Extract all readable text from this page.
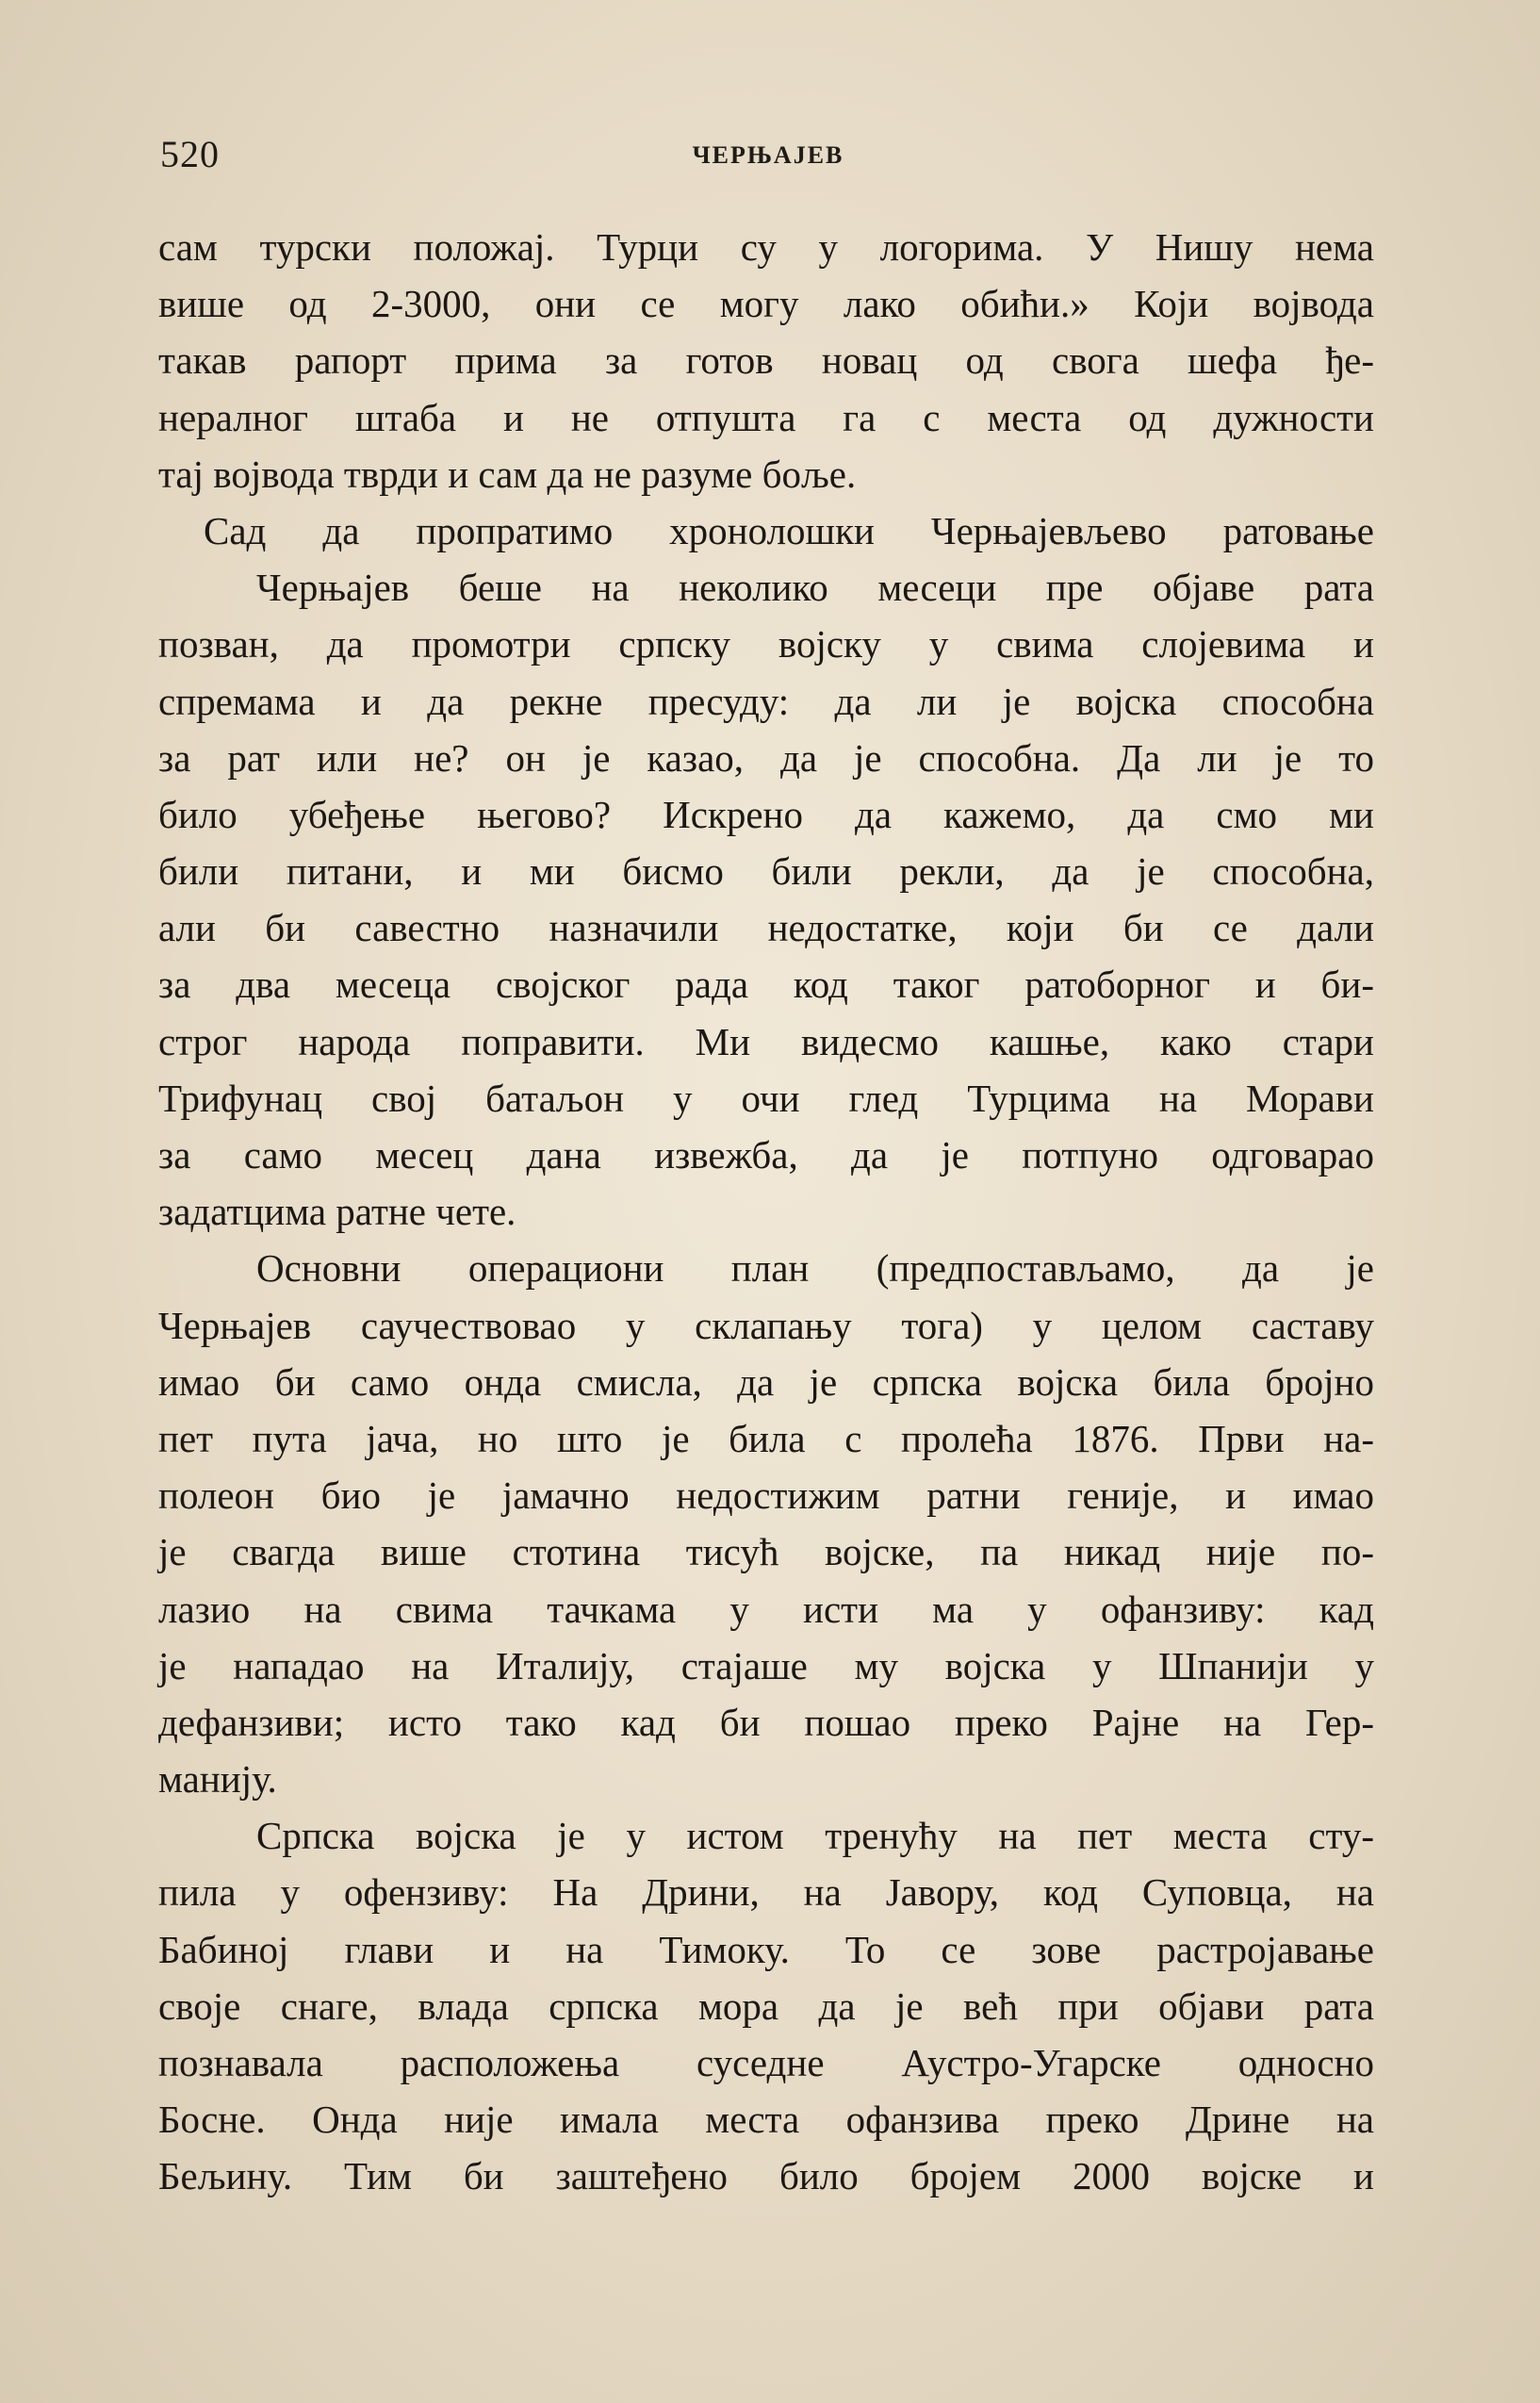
520	ЧЕРЊАЈЕВ
сам турски положај. Турци су у логорима. У Нишу нема
више од 2-3000, они се могу лако обићи.» Који војвода
такав рапорт прима за готов новац од свога шефа ђе-
нералног штаба и не отпушта га с места од дужности
тај војвода тврди и сам да не разуме боље.
Сад да пропратимо хронолошки Черњајевљево ратовање
Черњајев беше на неколико месеци пре објаве рата
позван, да промотри српску војску у свима слојевима и
спремама и да рекне пресуду: да ли је војска способна
за рат или не? он је казао, да је способна. Да ли је то
било убеђење његово? Искрено да кажемо, да смо ми
били питани, и ми бисмо били рекли, да је способна,
али би савестно назначили недостатке, који би се дали
за два месеца својског рада код таког ратоборног и би-
строг народа поправити. Ми видесмо кашње, како стари
Трифунац свој батаљон у очи глед Турцима на Морави
за само месец дана извежба, да је потпуно одговарао
задатцима ратне чете.
Основни операциони план (предпостављамо, да је
Черњајев саучествовао у склапању тога) у целом саставу
имао би само онда смисла, да је српска војска била бројно
пет пута јача, но што је била с пролећа 1876. Први на-
полеон био је јамачно недостижим ратни геније, и имао
је свагда више стотина тисућ војске, па никад није по-
лазио на свима тачкама у исти ма у офанзиву: кад
је нападао на Италију, стајаше му војска у Шпанији у
дефанзиви; исто тако кад би пошао преко Рајне на Гер-
манију.
Српска војска је у истом тренућу на пет места сту-
пила у офензиву: На Дрини, на Јавору, код Суповца, на
Бабиној глави и на Тимоку. То се зове растројавање
своје снаге, влада српска мора да је већ при објави рата
познавала расположења суседне Аустро-Угарске односно
Босне. Онда није имала места офанзива преко Дрине на
Бељину. Тим би заштеђено било бројем 2000 војске и
